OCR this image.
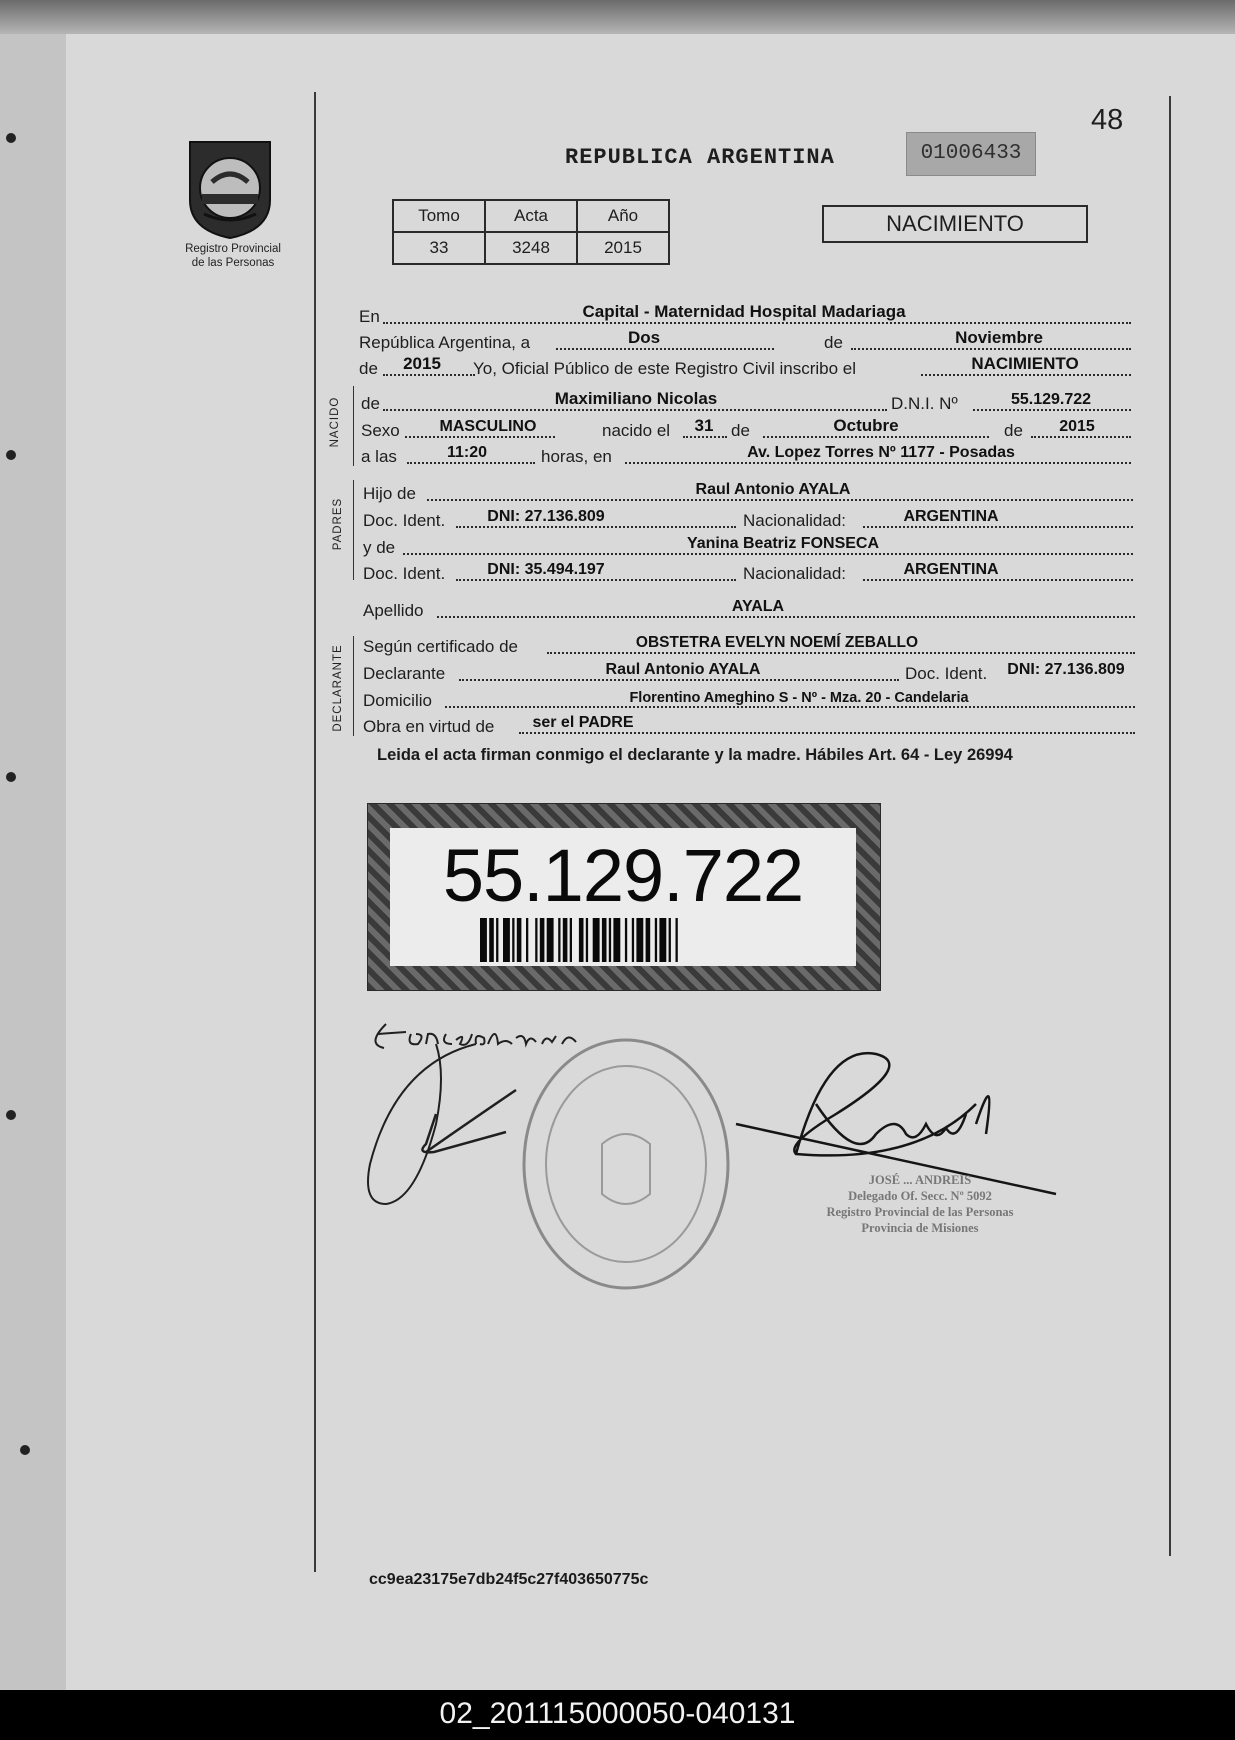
Registro Provincial
de las Personas
REPUBLICA ARGENTINA	01006433
48
Tomo	Acta	Año
33	3248	2015
NACIMIENTO
En	Capital - Maternidad Hospital Madariaga
República Argentina, a	Dos	de	Noviembre
de	2015	Yo, Oficial Público de este Registro Civil inscribo el	NACIMIENTO
NACIDO de	Maximiliano Nicolas	D.N.I. Nº	55.129.722
Sexo	MASCULINO	nacido el	31	de	Octubre	de	2015
a las	11:20	horas, en	Av. Lopez Torres Nº 1177 - Posadas
PADRES
Hijo de	Raul Antonio AYALA
Doc. Ident.	DNI: 27.136.809	Nacionalidad:	ARGENTINA
y de	Yanina Beatriz FONSECA
Doc. Ident.	DNI: 35.494.197	Nacionalidad:	ARGENTINA
Apellido	AYALA
DECLARANTE Según certificado de	OBSTETRA EVELYN NOEMÍ ZEBALLO
Declarante	Raul Antonio AYALA	Doc. Ident.	DNI: 27.136.809
Domicilio	Florentino Ameghino S - Nº - Mza. 20 - Candelaria
Obra en virtud de ser el PADRE
Leida el acta firman conmigo el declarante y la madre. Hábiles Art. 64 - Ley 26994
55.129.722
JOSÉ ... ANDREIS
Delegado Of. Secc. Nº 5092
Registro Provincial de las Personas
Provincia de Misiones
cc9ea23175e7db24f5c27f403650775c
02_201115000050-040131
